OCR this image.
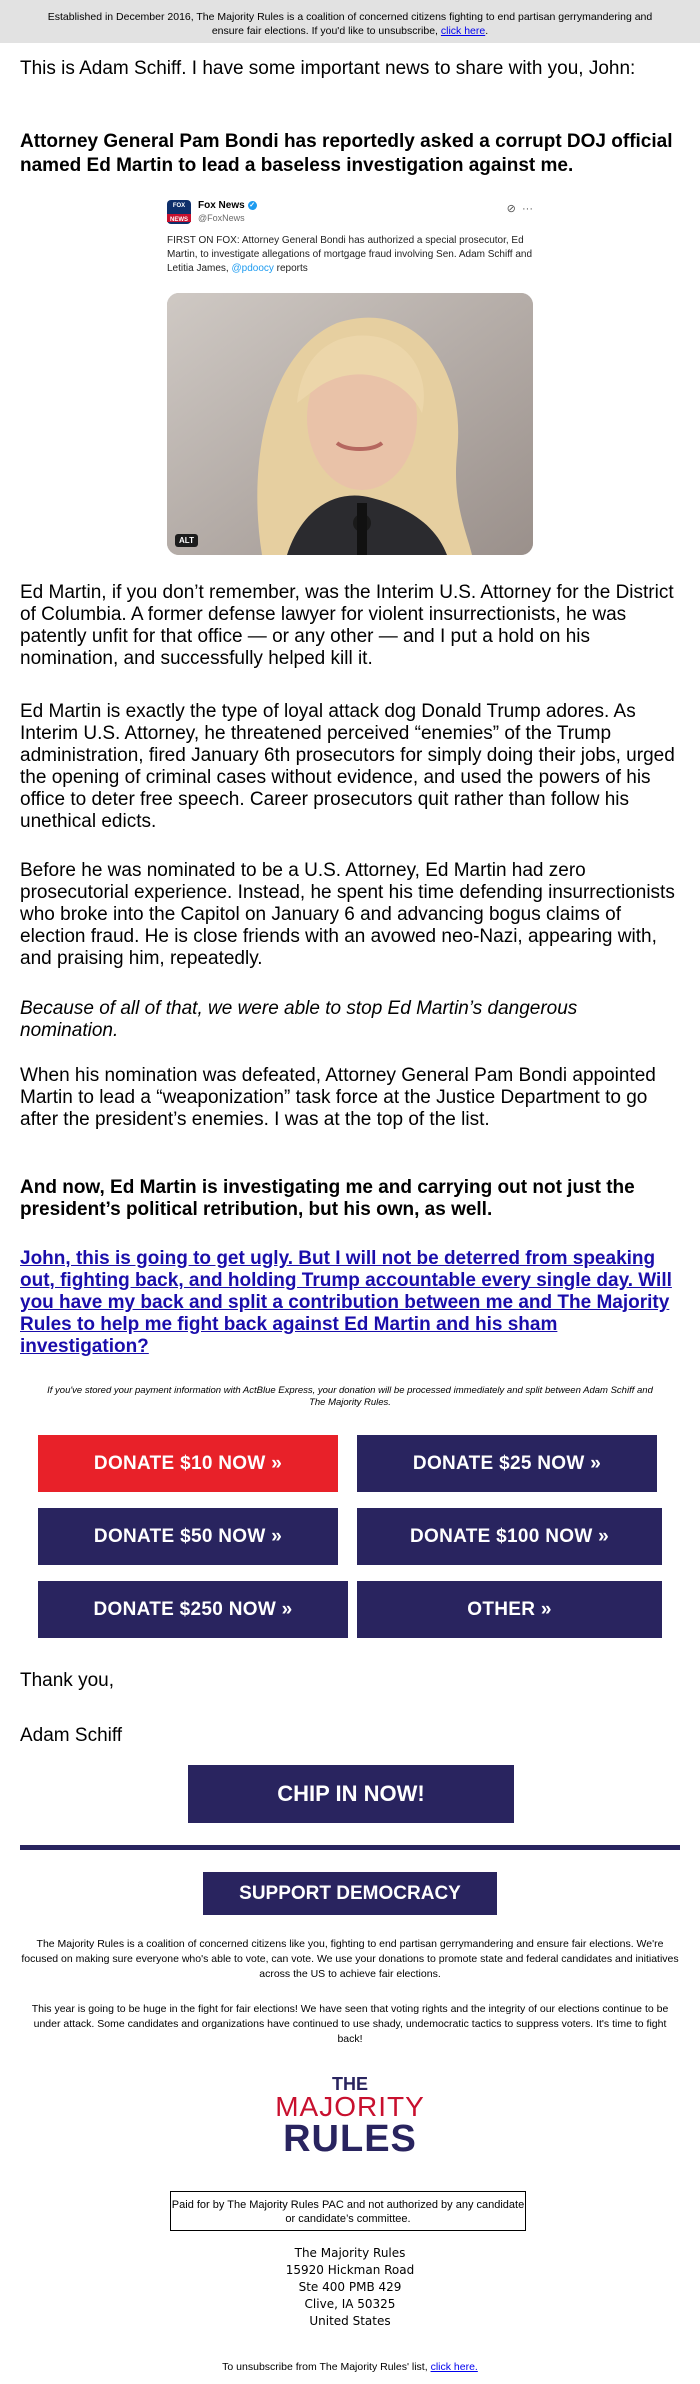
Established in December 2016, The Majority Rules is a coalition of concerned citizens fighting to end partisan gerrymandering and ensure fair elections. If you'd like to unsubscribe, click here.

This is Adam Schiff. I have some important news to share with you, John:

Attorney General Pam Bondi has reportedly asked a corrupt DOJ official named Ed Martin to lead a baseless investigation against me.

FOX
NEWS
Fox News ✓
@FoxNews
⊘ ···

FIRST ON FOX: Attorney General Bondi has authorized a special prosecutor, Ed Martin, to investigate allegations of mortgage fraud involving Sen. Adam Schiff and Letitia James, @pdoocy reports

ALT

Ed Martin, if you don’t remember, was the Interim U.S. Attorney for the District of Columbia. A former defense lawyer for violent insurrectionists, he was patently unfit for that office — or any other — and I put a hold on his nomination, and successfully helped kill it.

Ed Martin is exactly the type of loyal attack dog Donald Trump adores. As Interim U.S. Attorney, he threatened perceived “enemies” of the Trump administration, fired January 6th prosecutors for simply doing their jobs, urged the opening of criminal cases without evidence, and used the powers of his office to deter free speech. Career prosecutors quit rather than follow his unethical edicts.

Before he was nominated to be a U.S. Attorney, Ed Martin had zero prosecutorial experience. Instead, he spent his time defending insurrectionists who broke into the Capitol on January 6 and advancing bogus claims of election fraud. He is close friends with an avowed neo-Nazi, appearing with, and praising him, repeatedly.

Because of all of that, we were able to stop Ed Martin’s dangerous nomination.

When his nomination was defeated, Attorney General Pam Bondi appointed Martin to lead a “weaponization” task force at the Justice Department to go after the president’s enemies. I was at the top of the list.

And now, Ed Martin is investigating me and carrying out not just the president’s political retribution, but his own, as well.

John, this is going to get ugly. But I will not be deterred from speaking out, fighting back, and holding Trump accountable every single day. Will you have my back and split a contribution between me and The Majority Rules to help me fight back against Ed Martin and his sham investigation?

If you've stored your payment information with ActBlue Express, your donation will be processed immediately and split between Adam Schiff and The Majority Rules.

DONATE $10 NOW »	DONATE $25 NOW »
DONATE $50 NOW »	DONATE $100 NOW »
DONATE $250 NOW »	OTHER »

Thank you,

Adam Schiff

CHIP IN NOW!
SUPPORT DEMOCRACY

The Majority Rules is a coalition of concerned citizens like you, fighting to end partisan gerrymandering and ensure fair elections. We're focused on making sure everyone who's able to vote, can vote. We use your donations to promote state and federal candidates and initiatives across the US to achieve fair elections.

This year is going to be huge in the fight for fair elections! We have seen that voting rights and the integrity of our elections continue to be under attack. Some candidates and organizations have continued to use shady, undemocratic tactics to suppress voters. It's time to fight back!

THE
MAJORITY
RULES
Paid for by The Majority Rules PAC and not authorized by any candidate or candidate’s committee.
The Majority Rules
15920 Hickman Road
Ste 400 PMB 429
Clive, IA 50325
United States

To unsubscribe from The Majority Rules' list, click here.
